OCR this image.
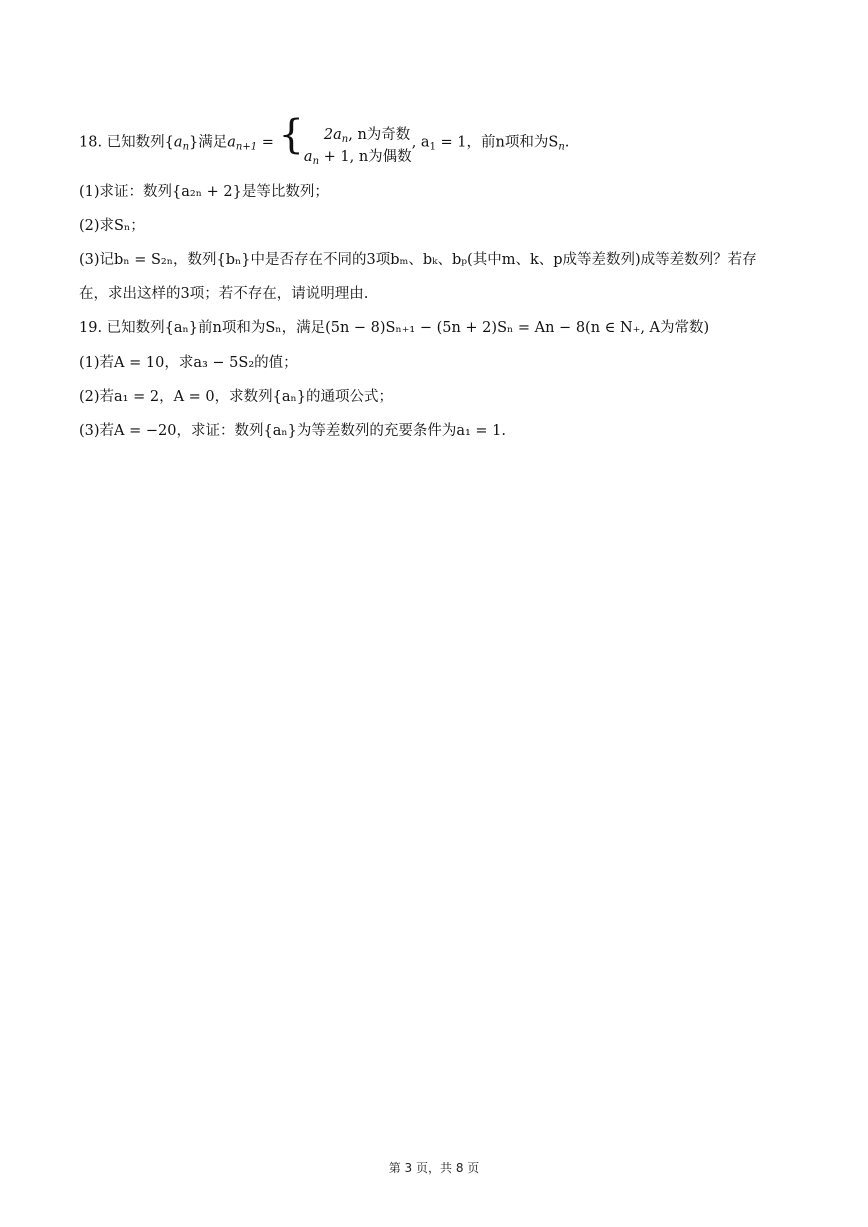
18. 已知数列$\{a_n\}$满足$a_{n+1}$ = {	$2a_n$, n为奇数
$a_n + 1$, n为偶数
, $a_1 = 1$，前n项和为$S_n$.
(1)求证：数列{a₂ₙ + 2}是等比数列；
(2)求Sₙ；
(3)记bₙ = S₂ₙ，数列{bₙ}中是否存在不同的3项bₘ、bₖ、bₚ(其中m、k、p成等差数列)成等差数列？若存
在，求出这样的3项；若不存在，请说明理由.
19. 已知数列{aₙ}前n项和为Sₙ，满足(5n − 8)Sₙ₊₁ − (5n + 2)Sₙ = An − 8(n ∈ N₊, A为常数)
(1)若A = 10，求a₃ − 5S₂的值；
(2)若a₁ = 2，A = 0，求数列{aₙ}的通项公式；
(3)若A = −20，求证：数列{aₙ}为等差数列的充要条件为a₁ = 1.
第 3 页，共 8 页
